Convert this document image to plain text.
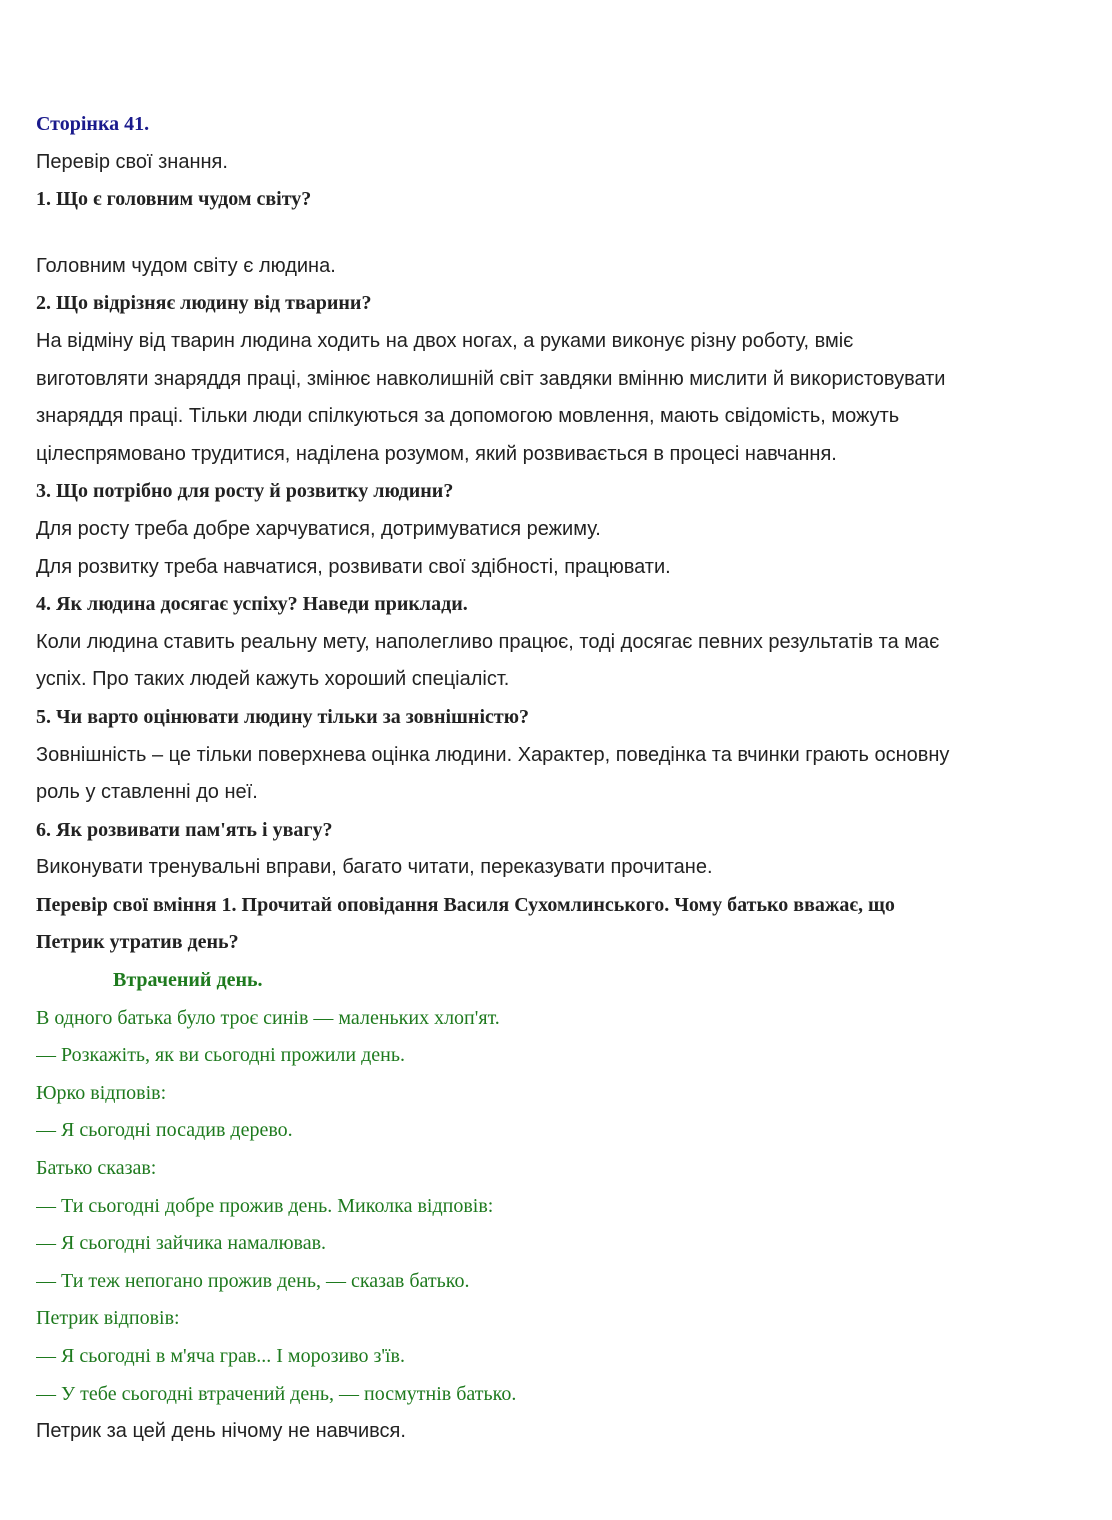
Сторінка 41.
Перевір свої знання.
1. Що є головним чудом світу?
Головним чудом світу є людина.
2. Що відрізняє людину від тварини?
На відміну від тварин людина ходить на двох ногах, а руками виконує різну роботу, вміє
виготовляти знаряддя праці, змінює навколишній світ завдяки вмінню мислити й використовувати
знаряддя праці. Тільки люди спілкуються за допомогою мовлення, мають свідомість, можуть
цілеспрямовано трудитися, наділена розумом, який розвивається в процесі навчання.
3. Що потрібно для росту й розвитку людини?
Для росту треба добре харчуватися, дотримуватися режиму.
Для розвитку треба навчатися, розвивати свої здібності, працювати.
4. Як людина досягає успіху? Наведи приклади.
Коли людина ставить реальну мету, наполегливо працює, тоді досягає певних результатів та має
успіх. Про таких людей кажуть хороший спеціаліст.
5. Чи варто оцінювати людину тільки за зовнішністю?
Зовнішність – це тільки поверхнева оцінка людини. Характер, поведінка та вчинки грають основну
роль у ставленні до неї.
6. Як розвивати пам'ять і увагу?
Виконувати тренувальні вправи, багато читати, переказувати прочитане.
Перевір свої вміння 1. Прочитай оповідання Василя Сухомлинського. Чому батько вважає, що
Петрик утратив день?
Втрачений день.
В одного батька було троє синів — маленьких хлоп'ят.
— Розкажіть, як ви сьогодні прожили день.
Юрко відповів:
— Я сьогодні посадив дерево.
Батько сказав:
— Ти сьогодні добре прожив день. Миколка відповів:
— Я сьогодні зайчика намалював.
— Ти теж непогано прожив день, — сказав батько.
Петрик відповів:
— Я сьогодні в м'яча грав... І морозиво з'їв.
— У тебе сьогодні втрачений день, — посмутнів батько.
Петрик за цей день нічому не навчився.
